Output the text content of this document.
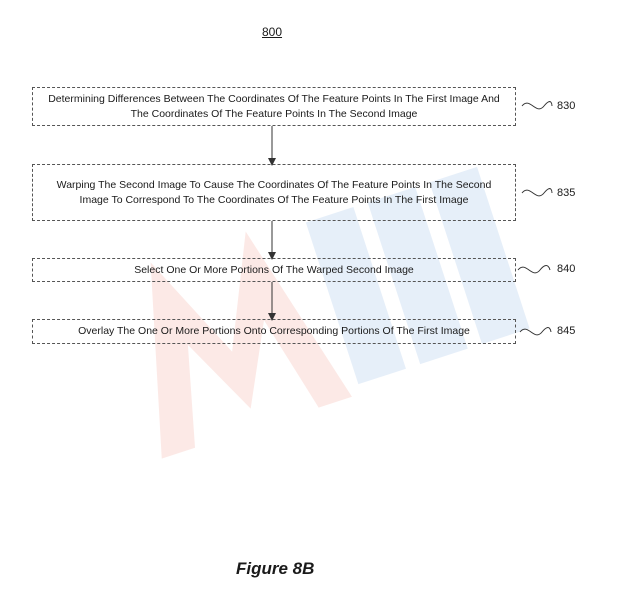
800
Determining Differences Between The Coordinates Of The Feature Points In The First Image And The Coordinates Of The Feature Points In The Second Image
Warping The Second Image To Cause The Coordinates Of The Feature Points In The Second Image To Correspond To The Coordinates Of The Feature Points In The First Image
Select One Or More Portions Of The Warped Second Image
Overlay The One Or More Portions Onto Corresponding Portions Of The First Image
830
835
840
845
Figure 8B
